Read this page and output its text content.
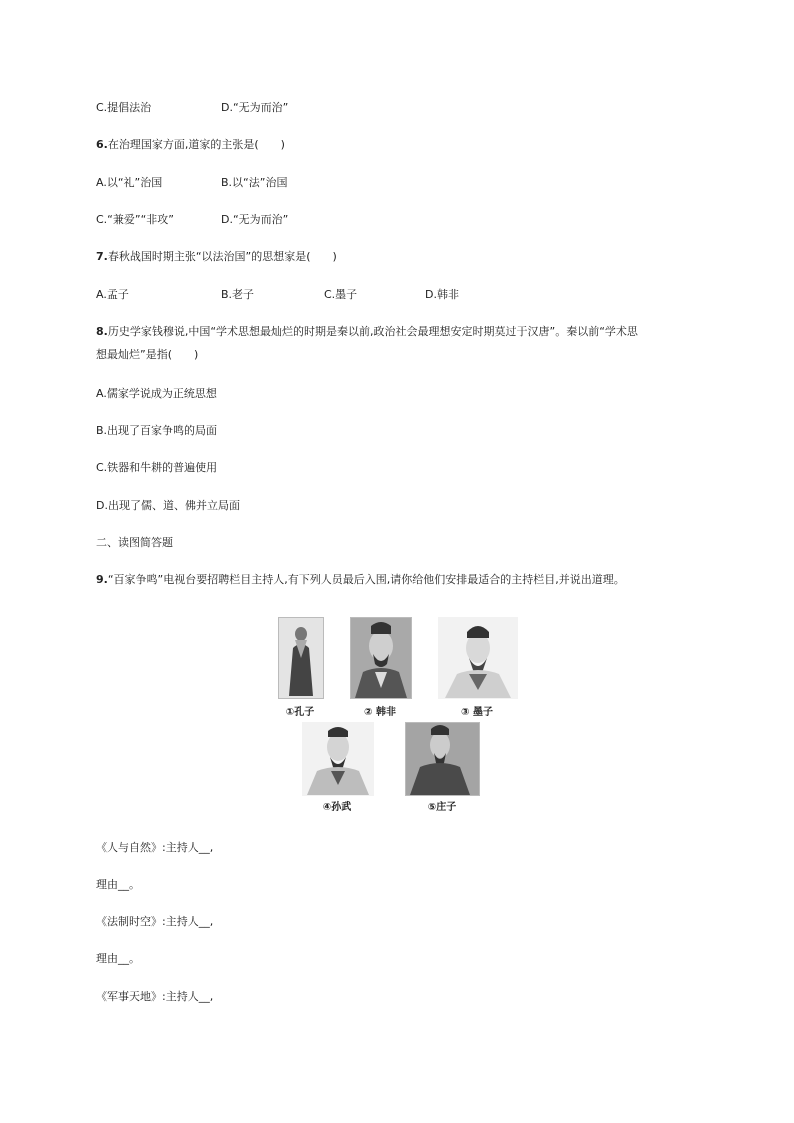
C.提倡法治	D.“无为而治”
6.在治理国家方面,道家的主张是(　　)
A.以“礼”治国	B.以“法”治国
C.“兼爱”“非攻”	D.“无为而治”
7.春秋战国时期主张“以法治国”的思想家是(　　)
A.孟子	B.老子	C.墨子	D.韩非
8.历史学家钱穆说,中国“学术思想最灿烂的时期是秦以前,政治社会最理想安定时期莫过于汉唐”。秦以前“学术思
想最灿烂”是指(　　)
A.儒家学说成为正统思想
B.出现了百家争鸣的局面
C.铁器和牛耕的普遍使用
D.出现了儒、道、佛并立局面
二、读图简答题
9.“百家争鸣”电视台要招聘栏目主持人,有下列人员最后入围,请你给他们安排最适合的主持栏目,并说出道理。
①孔子	② 韩非	③ 墨子
④孙武	⑤庄子
《人与自然》:主持人__,
理由__。
《法制时空》:主持人__,
理由__。
《军事天地》:主持人__,
